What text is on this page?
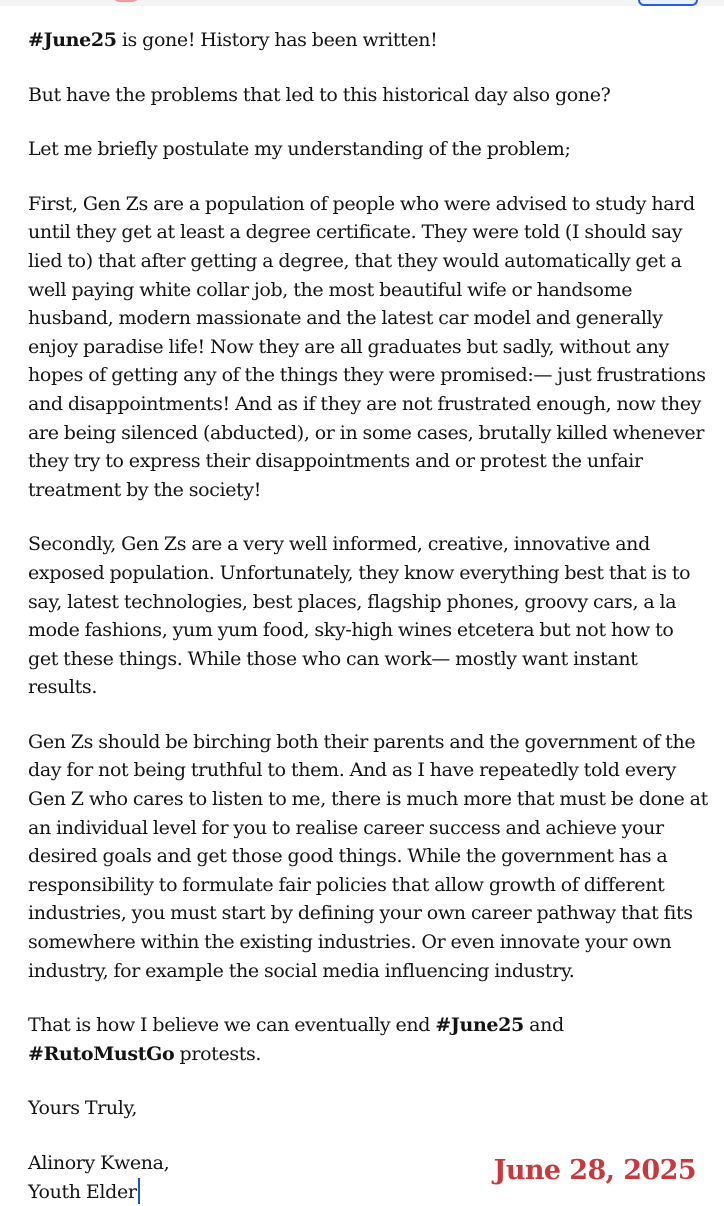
#June25 is gone! History has been written!

But have the problems that led to this historical day also gone?

Let me briefly postulate my understanding of the problem;

First, Gen Zs are a population of people who were advised to study hard until they get at least a degree certificate. They were told (I should say lied to) that after getting a degree, that they would automatically get a well paying white collar job, the most beautiful wife or handsome husband, modern massionate and the latest car model and generally enjoy paradise life! Now they are all graduates but sadly, without any hopes of getting any of the things they were promised:— just frustrations and disappointments! And as if they are not frustrated enough, now they are being silenced (abducted), or in some cases, brutally killed whenever they try to express their disappointments and or protest the unfair treatment by the society!

Secondly, Gen Zs are a very well informed, creative, innovative and exposed population. Unfortunately, they know everything best that is to say, latest technologies, best places, flagship phones, groovy cars, a la mode fashions, yum yum food, sky-high wines etcetera but not how to get these things. While those who can work— mostly want instant results.

Gen Zs should be birching both their parents and the government of the day for not being truthful to them. And as I have repeatedly told every Gen Z who cares to listen to me, there is much more that must be done at an individual level for you to realise career success and achieve your desired goals and get those good things. While the government has a responsibility to formulate fair policies that allow growth of different industries, you must start by defining your own career pathway that fits somewhere within the existing industries. Or even innovate your own industry, for example the social media influencing industry.

That is how I believe we can eventually end #June25 and #RutoMustGo protests.

Yours Truly,

Alinory Kwena,

Youth Elder

June 28, 2025
